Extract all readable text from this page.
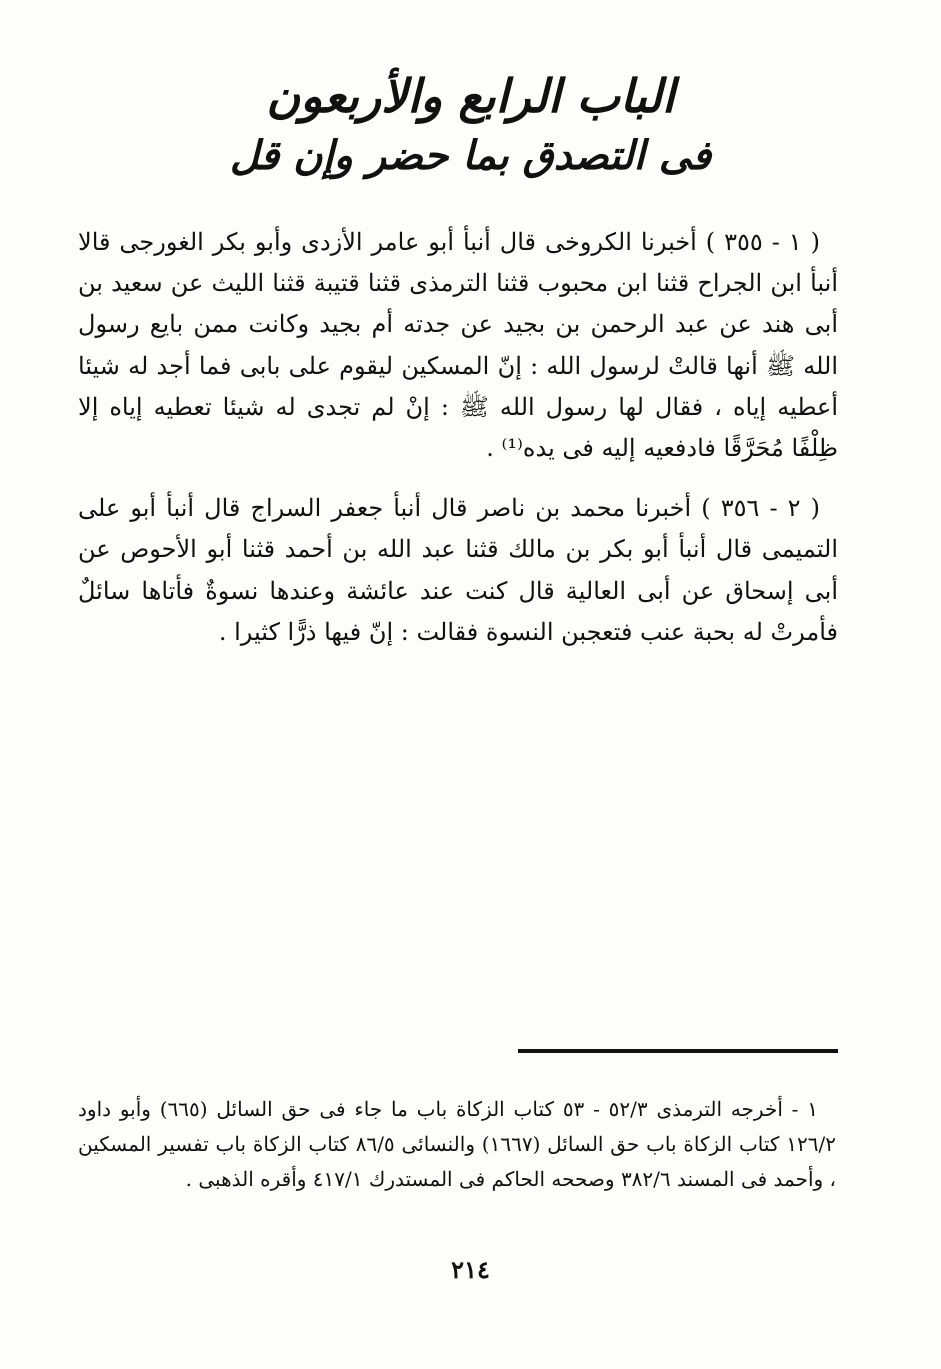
الباب الرابع والأربعون
فى التصدق بما حضر وإن قل

( ١ - ٣٥٥ ) أخبرنا الكروخى قال أنبأ أبو عامر الأزدى وأبو بكر الغورجى قالا أنبأ ابن الجراح قثنا ابن محبوب قثنا الترمذى قثنا قتيبة قثنا الليث عن سعيد بن أبى هند عن عبد الرحمن بن بجيد عن جدته أم بجيد وكانت ممن بايع رسول الله ﷺ أنها قالتْ لرسول الله : إنّ المسكين ليقوم على بابى فما أجد له شيئا أعطيه إياه ، فقال لها رسول الله ﷺ : إنْ لم تجدى له شيئا تعطيه إياه إلا ظِلْفًا مُحَرَّقًا فادفعيه إليه فى يده⁽¹⁾ .

( ٢ - ٣٥٦ ) أخبرنا محمد بن ناصر قال أنبأ جعفر السراج قال أنبأ أبو على التميمى قال أنبأ أبو بكر بن مالك قثنا عبد الله بن أحمد قثنا أبو الأحوص عن أبى إسحاق عن أبى العالية قال كنت عند عائشة وعندها نسوةٌ فأتاها سائلٌ فأمرتْ له بحبة عنب فتعجبن النسوة فقالت : إنّ فيها ذرًّا كثيرا .

١ - أخرجه الترمذى ٥٢/٣ - ٥٣ كتاب الزكاة باب ما جاء فى حق السائل (٦٦٥) وأبو داود ١٢٦/٢ كتاب الزكاة باب حق السائل (١٦٦٧) والنسائى ٨٦/٥ كتاب الزكاة باب تفسير المسكين ، وأحمد فى المسند ٣٨٢/٦ وصححه الحاكم فى المستدرك ٤١٧/١ وأقره الذهبى .

٢١٤
